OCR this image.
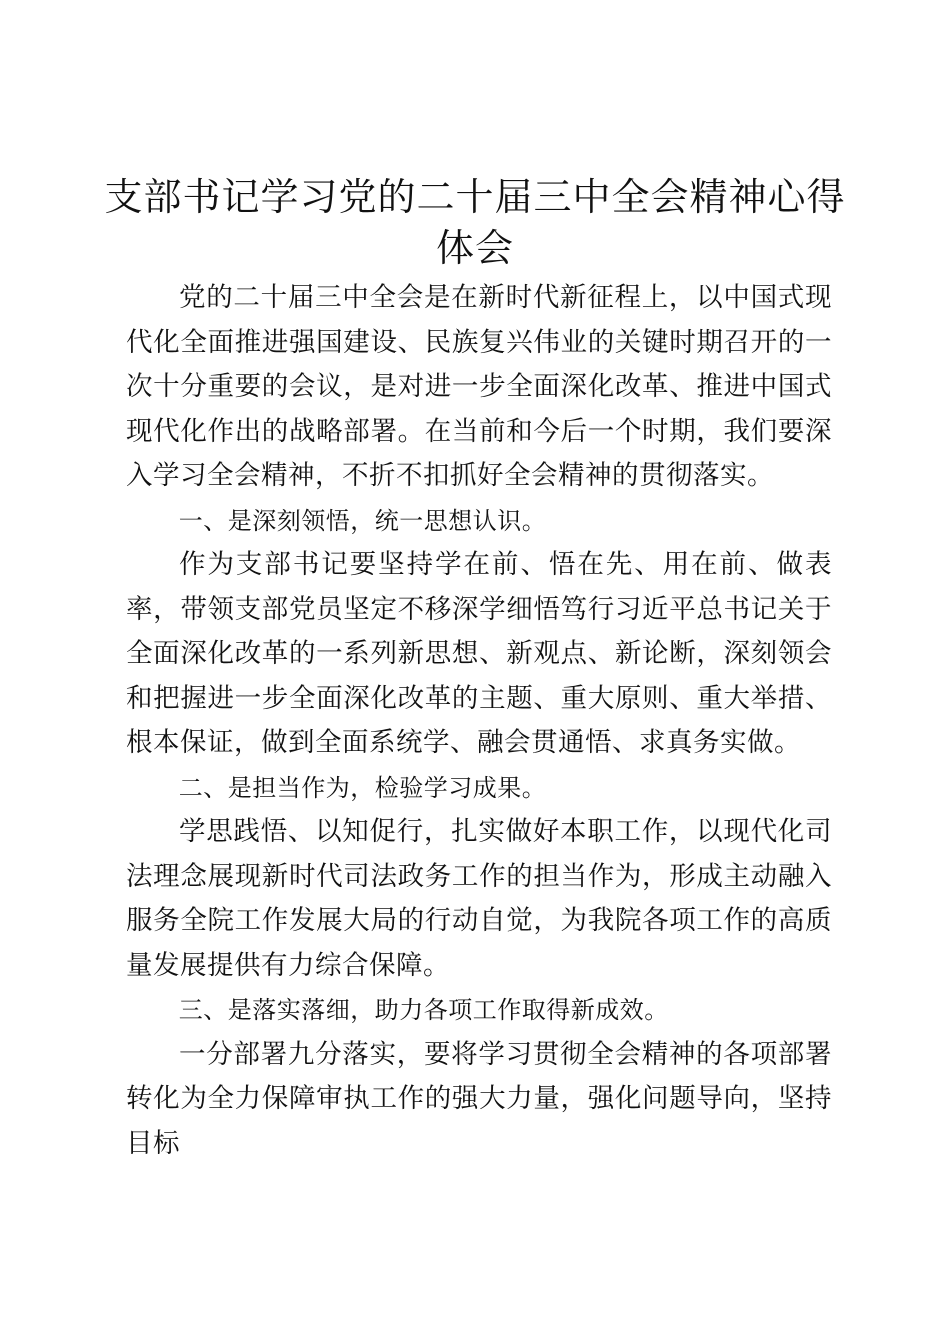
支部书记学习党的二十届三中全会精神心得体会

党的二十届三中全会是在新时代新征程上，以中国式现代化全面推进强国建设、民族复兴伟业的关键时期召开的一次十分重要的会议，是对进一步全面深化改革、推进中国式现代化作出的战略部署。在当前和今后一个时期，我们要深入学习全会精神，不折不扣抓好全会精神的贯彻落实。

一、是深刻领悟，统一思想认识。

作为支部书记要坚持学在前、悟在先、用在前、做表率，带领支部党员坚定不移深学细悟笃行习近平总书记关于全面深化改革的一系列新思想、新观点、新论断，深刻领会和把握进一步全面深化改革的主题、重大原则、重大举措、根本保证，做到全面系统学、融会贯通悟、求真务实做。

二、是担当作为，检验学习成果。

学思践悟、以知促行，扎实做好本职工作，以现代化司法理念展现新时代司法政务工作的担当作为，形成主动融入服务全院工作发展大局的行动自觉，为我院各项工作的高质量发展提供有力综合保障。

三、是落实落细，助力各项工作取得新成效。

一分部署九分落实，要将学习贯彻全会精神的各项部署转化为全力保障审执工作的强大力量，强化问题导向，坚持目标
